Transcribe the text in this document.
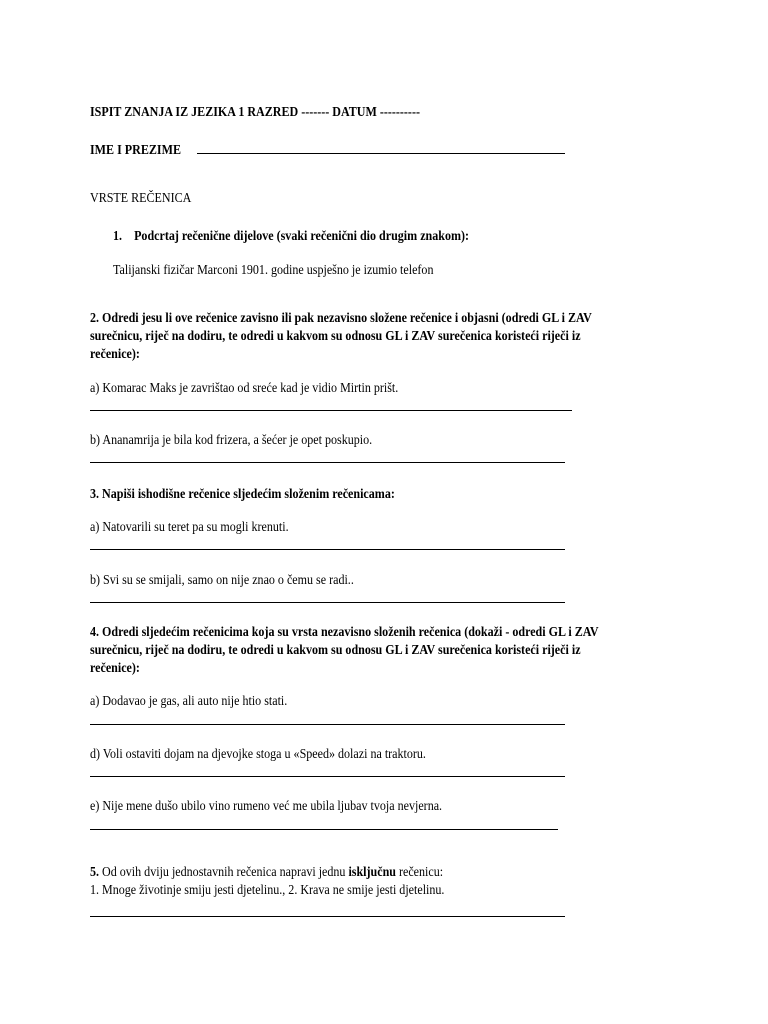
ISPIT ZNANJA IZ JEZIKA 1 RAZRED ------- DATUM ----------
IME I PREZIME
VRSTE REČENICA
1. Podcrtaj rečenične dijelove (svaki rečenični dio drugim znakom):
Talijanski fizičar Marconi 1901. godine uspješno je izumio telefon
2. Odredi jesu li ove rečenice zavisno ili pak nezavisno složene rečenice i objasni (odredi GL i ZAV
surečnicu, riječ na dodiru, te odredi u kakvom su odnosu GL i ZAV surečenica koristeći riječi iz
rečenice):
a) Komarac Maks je zavrištao od sreće kad je vidio Mirtin prišt.
b) Ananamrija je bila kod frizera, a šećer je opet poskupio.
3. Napiši ishodišne rečenice sljedećim složenim rečenicama:
a) Natovarili su teret pa su mogli krenuti.
b) Svi su se smijali, samo on nije znao o čemu se radi..
4. Odredi sljedećim rečenicima koja su vrsta nezavisno složenih rečenica (dokaži - odredi GL i ZAV
surečnicu, riječ na dodiru, te odredi u kakvom su odnosu GL i ZAV surečenica koristeći riječi iz
rečenice):
a) Dodavao je gas, ali auto nije htio stati.
d) Voli ostaviti dojam na djevojke stoga u «Speed» dolazi na traktoru.
e) Nije mene dušo ubilo vino rumeno već me ubila ljubav tvoja nevjerna.
5. Od ovih dviju jednostavnih rečenica napravi jednu isključnu rečenicu:
1. Mnoge životinje smiju jesti djetelinu., 2. Krava ne smije jesti djetelinu.
